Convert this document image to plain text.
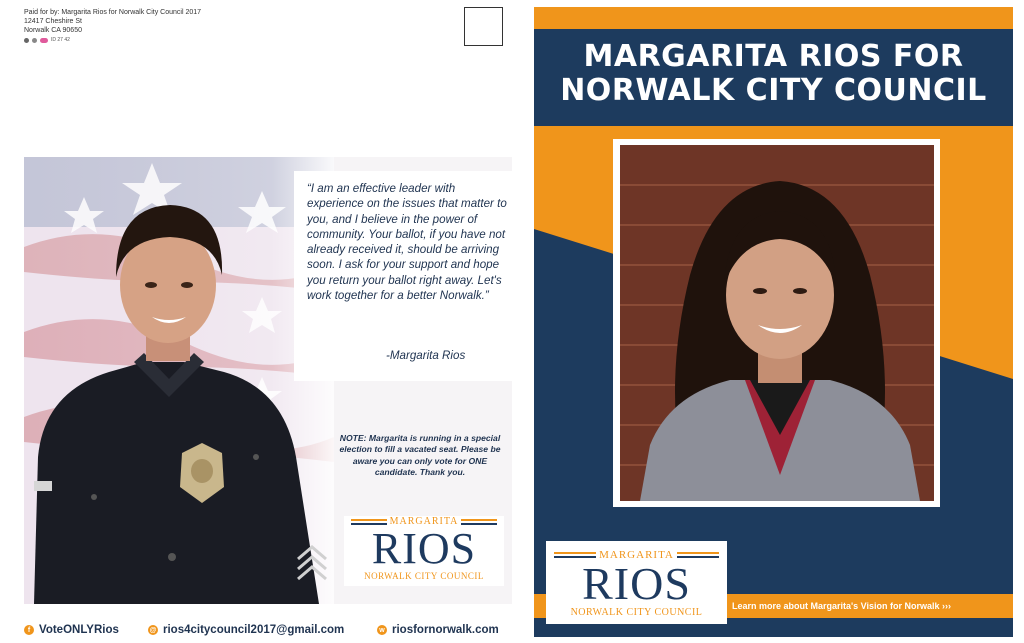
Paid for by: Margarita Rios for Norwalk City Council 2017
12417 Cheshire St
Norwalk CA 90650
ID 27 42
“I am an effective leader with experience on the issues that matter to you, and I believe in the power of community. Your ballot, if you have not already received it, should be arriving soon. I ask for your support and hope you return your ballot right away. Let's work together for a better Norwalk.”
-Margarita Rios
NOTE: Margarita is running in a special election to fill a vacated seat. Please be aware you can only vote for ONE candidate. Thank you.
MARGARITA
RIOS
NORWALK CITY COUNCIL
f VoteONLYRios	@ rios4citycouncil2017@gmail.com	w riosfornorwalk.com
MARGARITA RIOS FOR
NORWALK CITY COUNCIL
MARGARITA
RIOS
NORWALK CITY COUNCIL
Learn more about Margarita's Vision for Norwalk ›››
